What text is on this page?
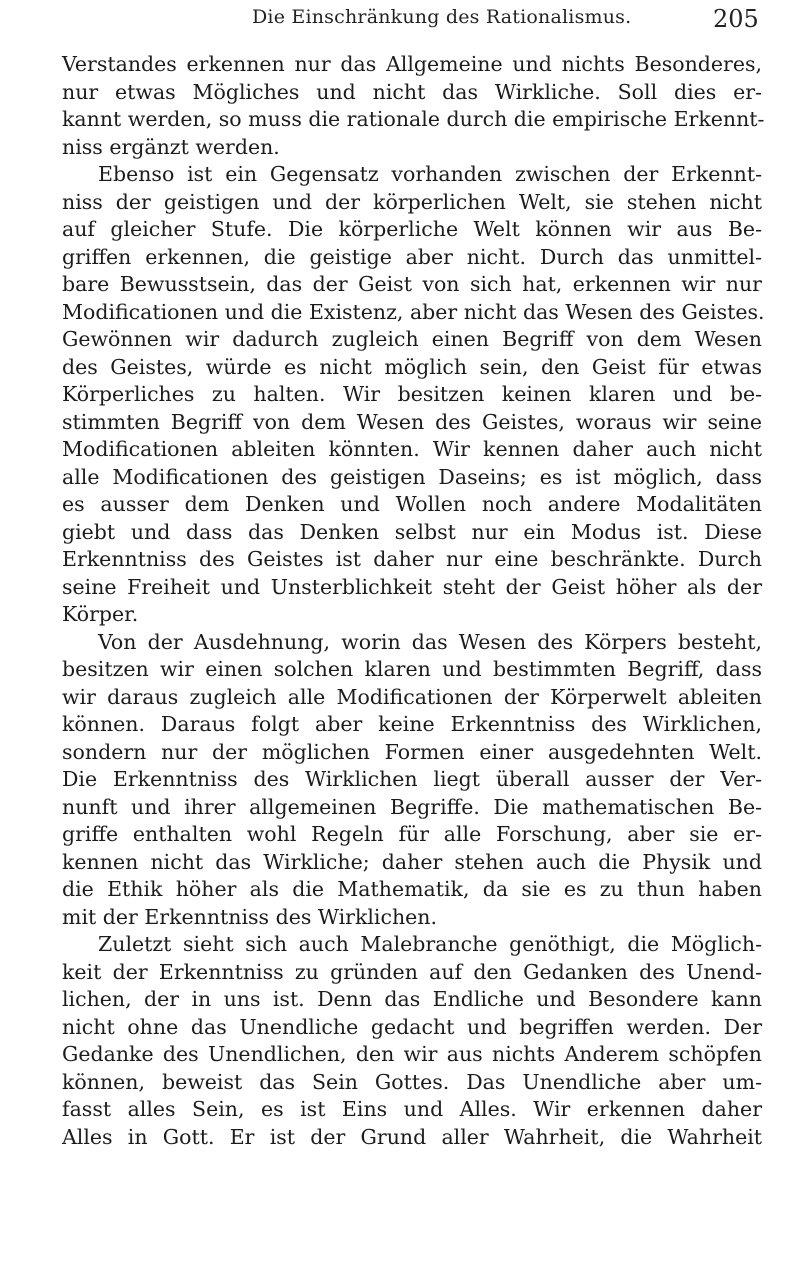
Die Einschränkung des Rationalismus.	205
Verstandes erkennen nur das Allgemeine und nichts Besonderes,
nur etwas Mögliches und nicht das Wirkliche. Soll dies er-
kannt werden, so muss die rationale durch die empirische Erkennt-
niss ergänzt werden.
Ebenso ist ein Gegensatz vorhanden zwischen der Erkennt-
niss der geistigen und der körperlichen Welt, sie stehen nicht
auf gleicher Stufe. Die körperliche Welt können wir aus Be-
griffen erkennen, die geistige aber nicht. Durch das unmittel-
bare Bewusstsein, das der Geist von sich hat, erkennen wir nur
Modificationen und die Existenz, aber nicht das Wesen des Geistes.
Gewönnen wir dadurch zugleich einen Begriff von dem Wesen
des Geistes, würde es nicht möglich sein, den Geist für etwas
Körperliches zu halten. Wir besitzen keinen klaren und be-
stimmten Begriff von dem Wesen des Geistes, woraus wir seine
Modificationen ableiten könnten. Wir kennen daher auch nicht
alle Modificationen des geistigen Daseins; es ist möglich, dass
es ausser dem Denken und Wollen noch andere Modalitäten
giebt und dass das Denken selbst nur ein Modus ist. Diese
Erkenntniss des Geistes ist daher nur eine beschränkte. Durch
seine Freiheit und Unsterblichkeit steht der Geist höher als der
Körper.
Von der Ausdehnung, worin das Wesen des Körpers besteht,
besitzen wir einen solchen klaren und bestimmten Begriff, dass
wir daraus zugleich alle Modificationen der Körperwelt ableiten
können. Daraus folgt aber keine Erkenntniss des Wirklichen,
sondern nur der möglichen Formen einer ausgedehnten Welt.
Die Erkenntniss des Wirklichen liegt überall ausser der Ver-
nunft und ihrer allgemeinen Begriffe. Die mathematischen Be-
griffe enthalten wohl Regeln für alle Forschung, aber sie er-
kennen nicht das Wirkliche; daher stehen auch die Physik und
die Ethik höher als die Mathematik, da sie es zu thun haben
mit der Erkenntniss des Wirklichen.
Zuletzt sieht sich auch Malebranche genöthigt, die Möglich-
keit der Erkenntniss zu gründen auf den Gedanken des Unend-
lichen, der in uns ist. Denn das Endliche und Besondere kann
nicht ohne das Unendliche gedacht und begriffen werden. Der
Gedanke des Unendlichen, den wir aus nichts Anderem schöpfen
können, beweist das Sein Gottes. Das Unendliche aber um-
fasst alles Sein, es ist Eins und Alles. Wir erkennen daher
Alles in Gott. Er ist der Grund aller Wahrheit, die Wahrheit
